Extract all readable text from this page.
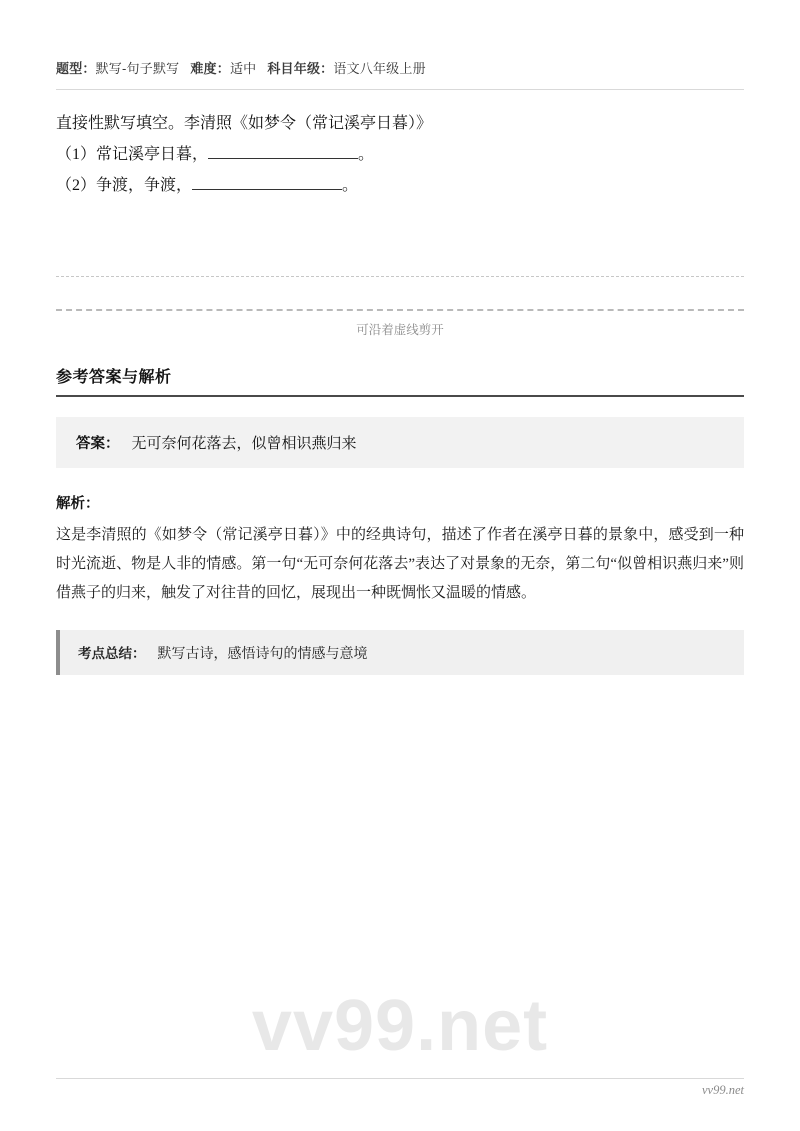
题型：默写-句子默写 难度：适中 科目年级：语文八年级上册
直接性默写填空。李清照《如梦令（常记溪亭日暮）》
（1）常记溪亭日暮，	。
（2）争渡，争渡，	。
可沿着虚线剪开
参考答案与解析
答案： 无可奈何花落去，似曾相识燕归来
解析：
这是李清照的《如梦令（常记溪亭日暮）》中的经典诗句，描述了作者在溪亭日暮的景象中，感受到一种时光流逝、物是人非的情感。第一句“无可奈何花落去”表达了对景象的无奈，第二句“似曾相识燕归来”则借燕子的归来，触发了对往昔的回忆，展现出一种既惆怅又温暖的情感。
考点总结： 默写古诗，感悟诗句的情感与意境
vv99.net
vv99.net
